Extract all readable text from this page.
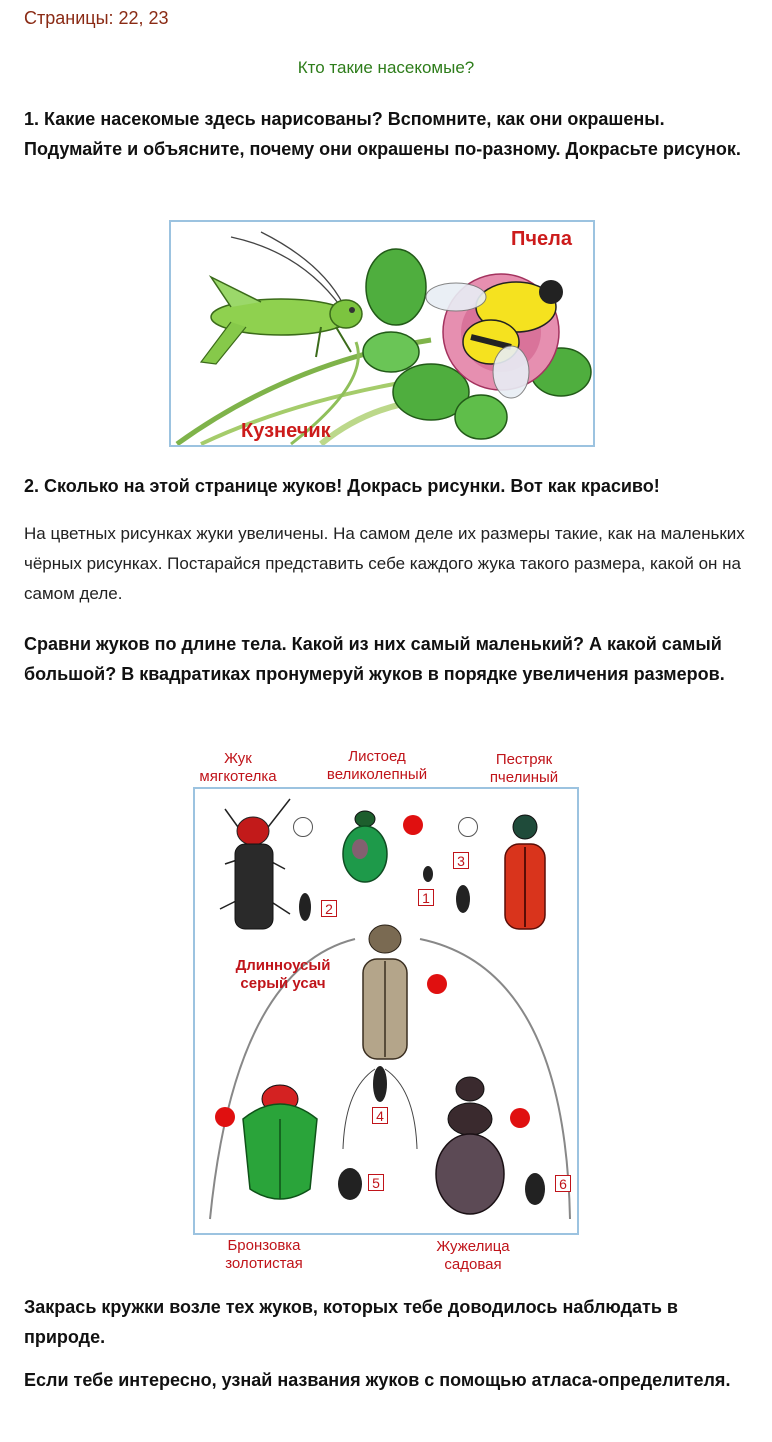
Страницы: 22, 23
Кто такие насекомые?
1. Какие насекомые здесь нарисованы? Вспомните, как они окрашены. Подумайте и объясните, почему они окрашены по-разному. Докрасьте рисунок.
Пчела
Кузнечик
2. Сколько на этой странице жуков! Докрась рисунки. Вот как красиво!
На цветных рисунках жуки увеличены. На самом деле их размеры такие, как на маленьких чёрных рисунках. Постарайся представить себе каждого жука такого размера, какой он на самом деле.
Сравни жуков по длине тела. Какой из них самый маленький? А какой самый большой? В квадратиках пронумеруй жуков в порядке увеличения размеров.
Жук
мягкотелка
Листоед
великолепный
Пестряк
пчелиный
1
2
3
4
5	6
Длинноусый
серый усач
Бронзовка
золотистая
Жужелица
садовая
Закрась кружки возле тех жуков, которых тебе доводилось наблюдать в природе.
Если тебе интересно, узнай названия жуков с помощью атласа-определителя.
